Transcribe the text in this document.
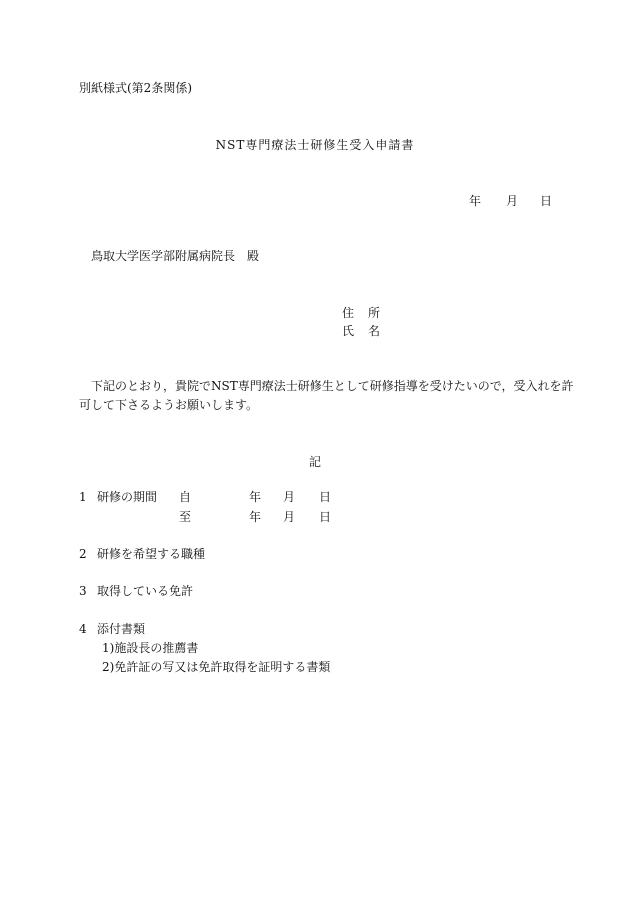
別紙様式(第2条関係)
NST専門療法士研修生受入申請書
年 月 日
鳥取大学医学部附属病院長　殿
住　所
氏　名
下記のとおり，貴院でNST専門療法士研修生として研修指導を受けたいので，受入れを許
可して下さるようお願いします。
記
1 研修の期間 自	年 月 日
至	年 月 日
2 研修を希望する職種
3 取得している免許
4 添付書類
1)施設長の推薦書
2)免許証の写又は免許取得を証明する書類
